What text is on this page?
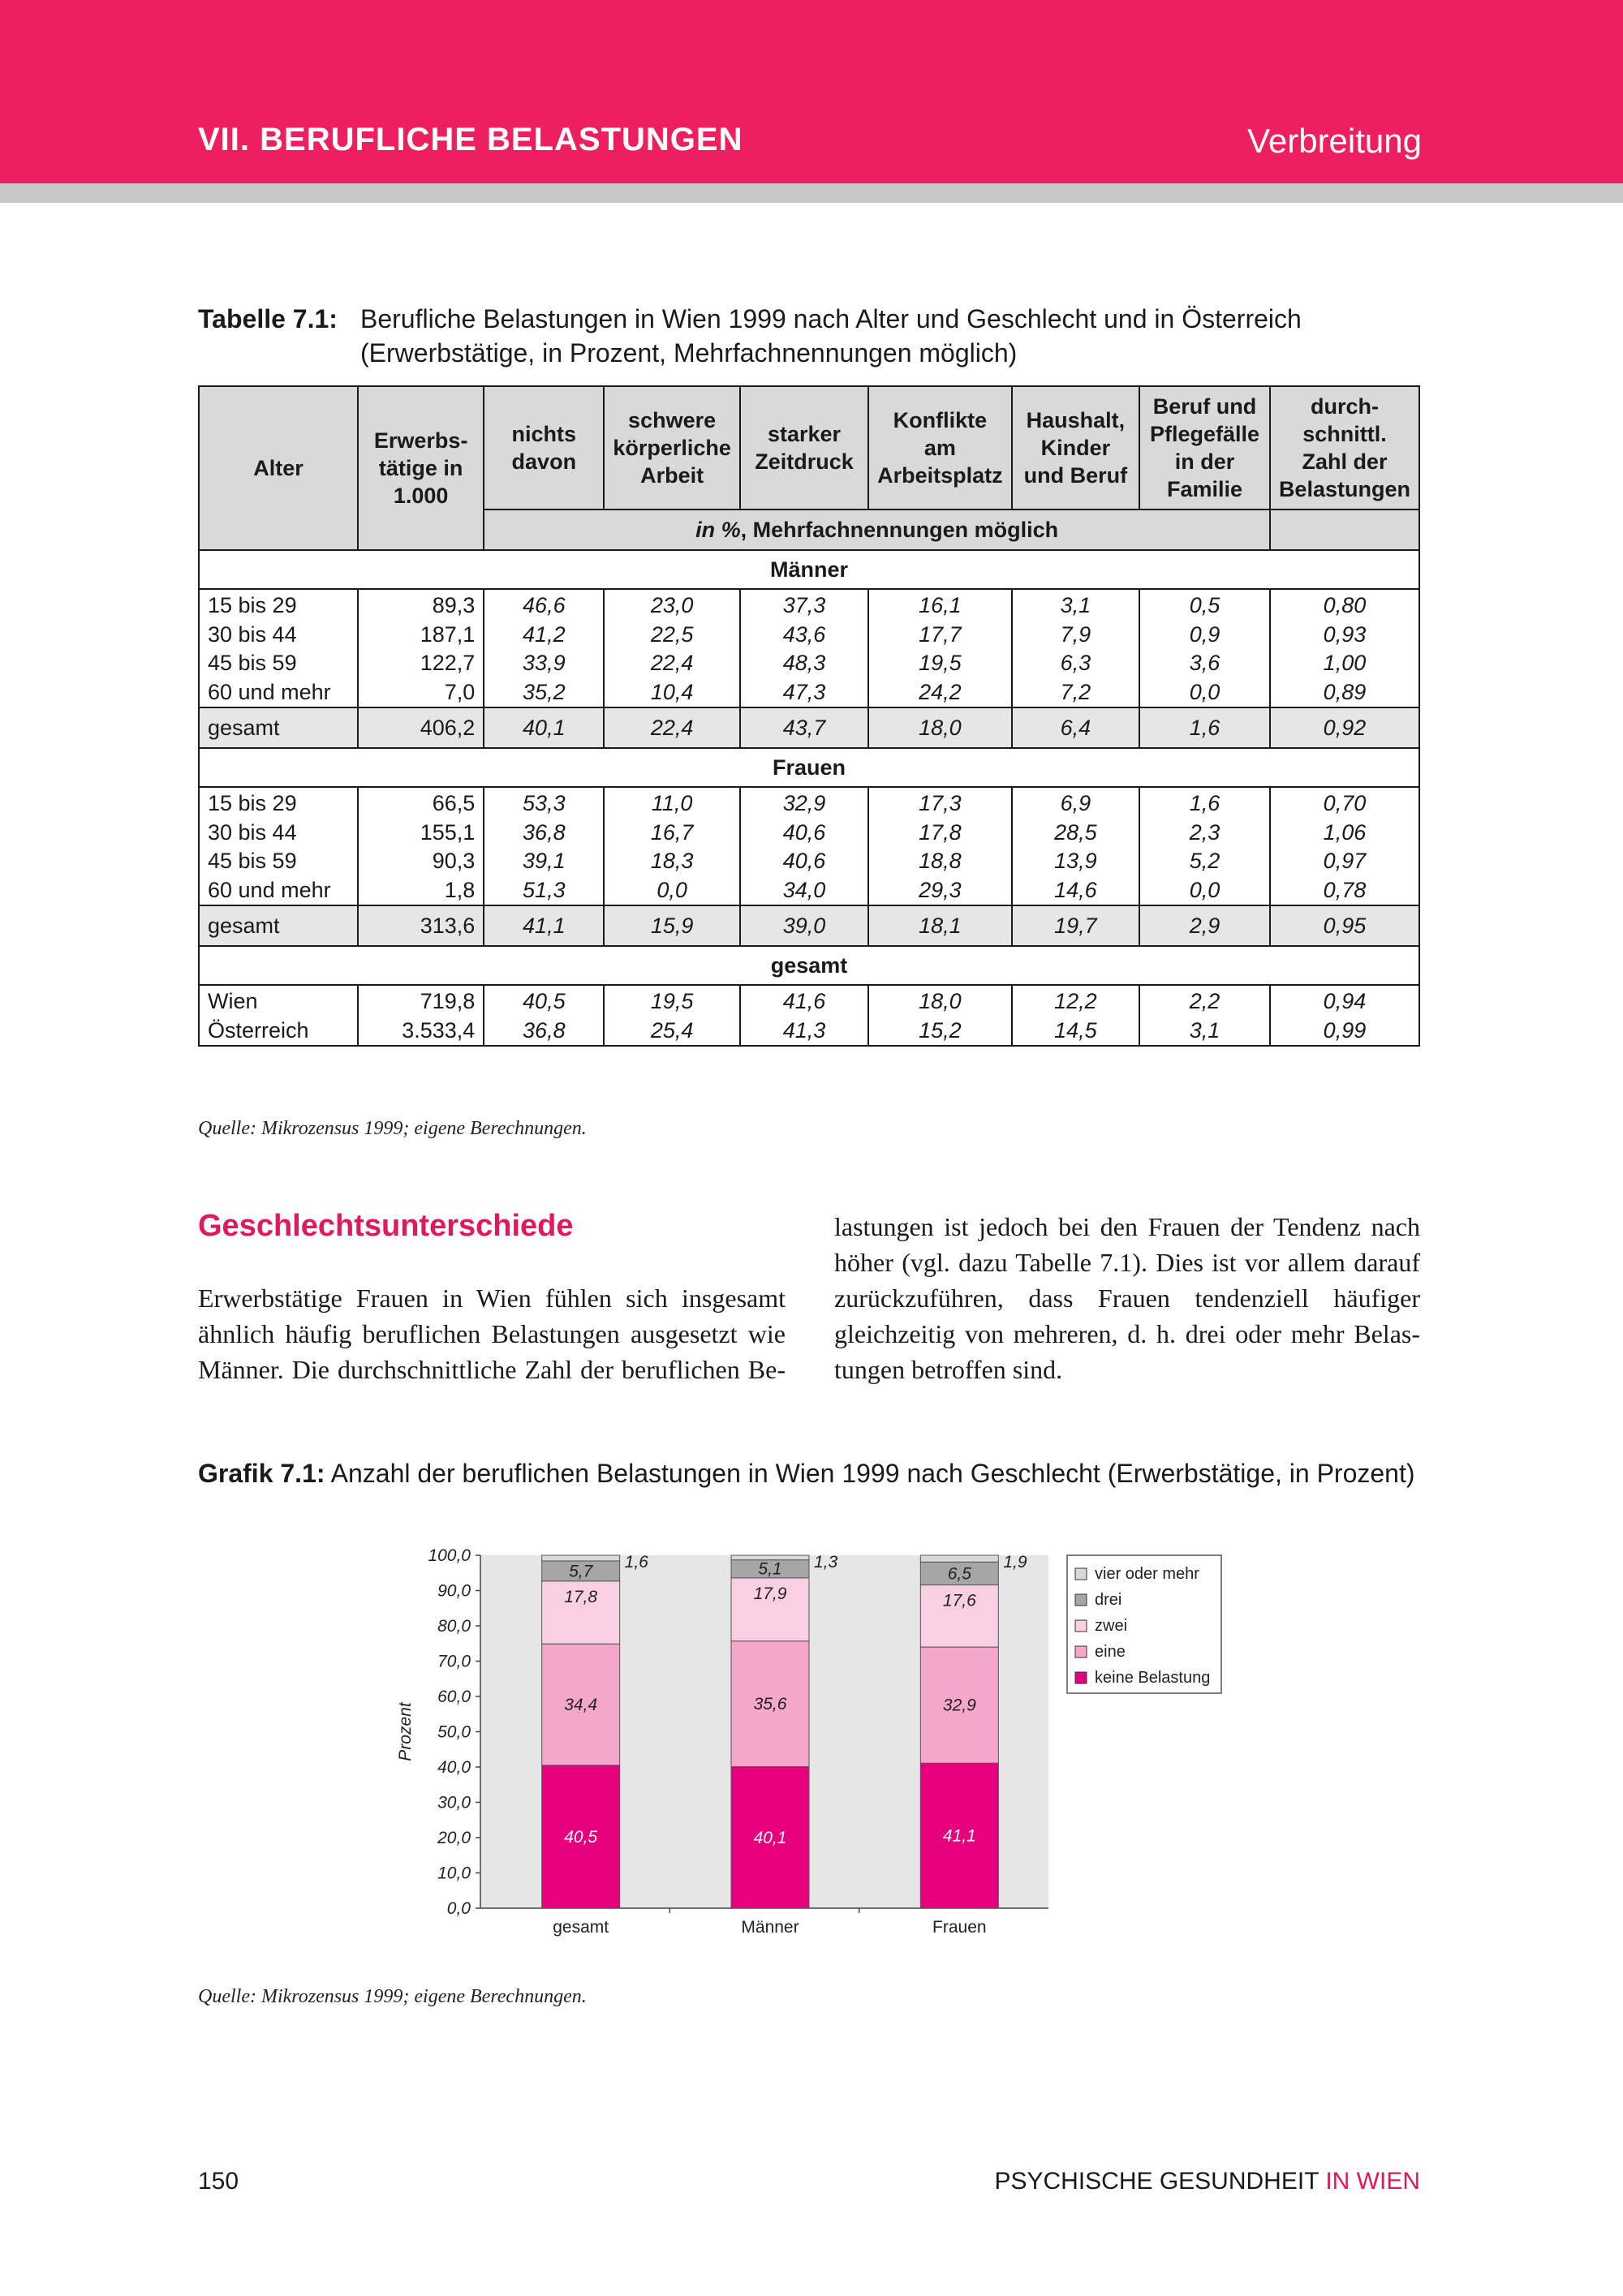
VII. BERUFLICHE BELASTUNGEN	Verbreitung
Tabelle 7.1: Berufliche Belastungen in Wien 1999 nach Alter und Geschlecht und in Österreich (Erwerbstätige, in Prozent, Mehrfachnennungen möglich)
Alter	Erwerbs-tätige in 1.000	nichts davon	schwere körperliche Arbeit	starker Zeitdruck	Konflikte am Arbeitsplatz	Haushalt, Kinder und Beruf	Beruf und Pflegefälle in der Familie	durch-schnittl. Zahl der Belastungen
		in %, Mehrfachnennungen möglich						
Männer								
15 bis 29	89,3	46,6	23,0	37,3	16,1	3,1	0,5	0,80
30 bis 44	187,1	41,2	22,5	43,6	17,7	7,9	0,9	0,93
45 bis 59	122,7	33,9	22,4	48,3	19,5	6,3	3,6	1,00
60 und mehr	7,0	35,2	10,4	47,3	24,2	7,2	0,0	0,89
gesamt	406,2	40,1	22,4	43,7	18,0	6,4	1,6	0,92
Frauen								
15 bis 29	66,5	53,3	11,0	32,9	17,3	6,9	1,6	0,70
30 bis 44	155,1	36,8	16,7	40,6	17,8	28,5	2,3	1,06
45 bis 59	90,3	39,1	18,3	40,6	18,8	13,9	5,2	0,97
60 und mehr	1,8	51,3	0,0	34,0	29,3	14,6	0,0	0,78
gesamt	313,6	41,1	15,9	39,0	18,1	19,7	2,9	0,95
gesamt								
Wien	719,8	40,5	19,5	41,6	18,0	12,2	2,2	0,94
Österreich	3.533,4	36,8	25,4	41,3	15,2	14,5	3,1	0,99
Quelle: Mikrozensus 1999; eigene Berechnungen.
Geschlechtsunterschiede
Erwerbstätige Frauen in Wien fühlen sich insgesamt
ähnlich häufig beruflichen Belastungen ausgesetzt wie
Männer. Die durchschnittliche Zahl der beruflichen Be-
lastungen ist jedoch bei den Frauen der Tendenz nach
höher (vgl. dazu Tabelle 7.1). Dies ist vor allem darauf
zurückzuführen, dass Frauen tendenziell häufiger
gleichzeitig von mehreren, d. h. drei oder mehr Belas-
tungen betroffen sind.
Grafik 7.1: Anzahl der beruflichen Belastungen in Wien 1999 nach Geschlecht (Erwerbstätige, in Prozent)
0,0
10,0
20,0
30,0
40,0
50,0
60,0
70,0
80,0
90,0
100,0
Prozent
40,5
34,4
17,8
5,7 1,6
gesamt
40,1
35,6
17,9
5,1 1,3
Männer
41,1
32,9
17,6
6,5
1,9
Frauen
vier oder mehr
drei
zwei
eine
keine Belastung
Quelle: Mikrozensus 1999; eigene Berechnungen.
150	PSYCHISCHE GESUNDHEIT IN WIEN
